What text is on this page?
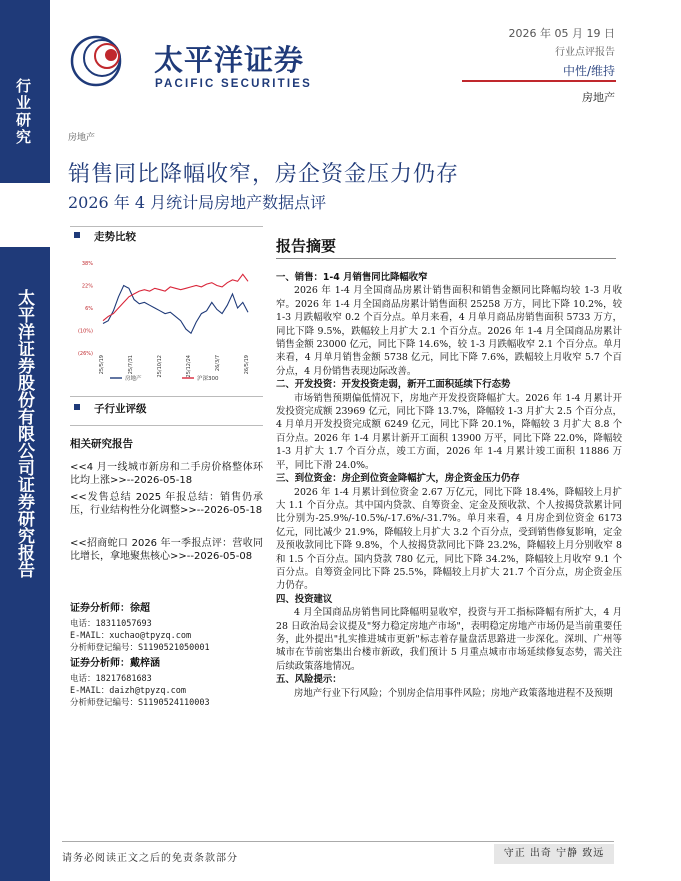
行业研究
太平洋证券股份有限公司证券研究报告
太平洋证券
PACIFIC SECURITIES
2026 年 05 月 19 日
行业点评报告
中性/维持
房地产
房地产
销售同比降幅收窄，房企资金压力仍存
2026 年 4 月统计局房地产数据点评
走势比较
38%
22%
6%
(10%)
(26%)
25/5/19	25/7/31	25/10/12	25/12/24	26/3/7	26/5/19
房地产	沪深300
子行业评级
相关研究报告
<<4 月一线城市新房和二手房价格整体环比均上涨>>--2026-05-18
<<发售总结 2025 年报总结：销售仍承压，行业结构性分化调整>>--2026-05-18
<<招商蛇口 2026 年一季报点评：营收同比增长，拿地聚焦核心>>--2026-05-08
证券分析师：徐超
电话：18311057693
E-MAIL：xuchao@tpyzq.com
分析师登记编号：S1190521050001
证券分析师：戴梓涵
电话：18217681683
E-MAIL：daizh@tpyzq.com
分析师登记编号：S1190524110003
报告摘要
一、销售：1-4 月销售同比降幅收窄
2026 年 1-4 月全国商品房累计销售面积和销售金额同比降幅均较 1-3 月收窄。2026 年 1-4 月全国商品房累计销售面积 25258 万方，同比下降 10.2%，较 1-3 月跌幅收窄 0.2 个百分点。单月来看，4 月单月商品房销售面积 5733 万方，同比下降 9.5%，跌幅较上月扩大 2.1 个百分点。2026 年 1-4 月全国商品房累计销售金额 23000 亿元，同比下降 14.6%，较 1-3 月跌幅收窄 2.1 个百分点。单月来看，4 月单月销售金额 5738 亿元，同比下降 7.6%，跌幅较上月收窄 5.7 个百分点，4 月份销售表现边际改善。
二、开发投资：开发投资走弱，新开工面积延续下行态势
市场销售预期偏低情况下，房地产开发投资降幅扩大。2026 年 1-4 月累计开发投资完成额 23969 亿元，同比下降 13.7%，降幅较 1-3 月扩大 2.5 个百分点，4 月单月开发投资完成额 6249 亿元，同比下降 20.1%，降幅较 3 月扩大 8.8 个百分点。2026 年 1-4 月累计新开工面积 13900 万平，同比下降 22.0%，降幅较 1-3 月扩大 1.7 个百分点，竣工方面，2026 年 1-4 月累计竣工面积 11886 万平，同比下滑 24.0%。
三、到位资金：房企到位资金降幅扩大，房企资金压力仍存
2026 年 1-4 月累计到位资金 2.67 万亿元，同比下降 18.4%，降幅较上月扩大 1.1 个百分点。其中国内贷款、自筹资金、定金及预收款、个人按揭贷款累计同比分别为-25.9%/-10.5%/-17.6%/-31.7%。单月来看，4 月房企到位资金 6173 亿元，同比减少 21.9%，降幅较上月扩大 3.2 个百分点，受到销售修复影响，定金及预收款同比下降 9.8%，个人按揭贷款同比下降 23.2%，降幅较上月分别收窄 8 和 1.5 个百分点。国内贷款 780 亿元，同比下降 34.2%，降幅较上月收窄 9.1 个百分点。自筹资金同比下降 25.5%，降幅较上月扩大 21.7 个百分点，房企资金压力仍存。
四、投资建议
4 月全国商品房销售同比降幅明显收窄，投资与开工指标降幅有所扩大，4 月 28 日政治局会议提及"努力稳定房地产市场"，表明稳定房地产市场仍是当前重要任务，此外提出"扎实推进城市更新"标志着存量盘活思路进一步深化。深圳、广州等城市在节前密集出台楼市新政，我们预计 5 月重点城市市场延续修复态势，需关注后续政策落地情况。
五、风险提示：
房地产行业下行风险；个别房企信用事件风险；房地产政策落地进程不及预期
请务必阅读正文之后的免责条款部分	守正 出奇 宁静 致远
